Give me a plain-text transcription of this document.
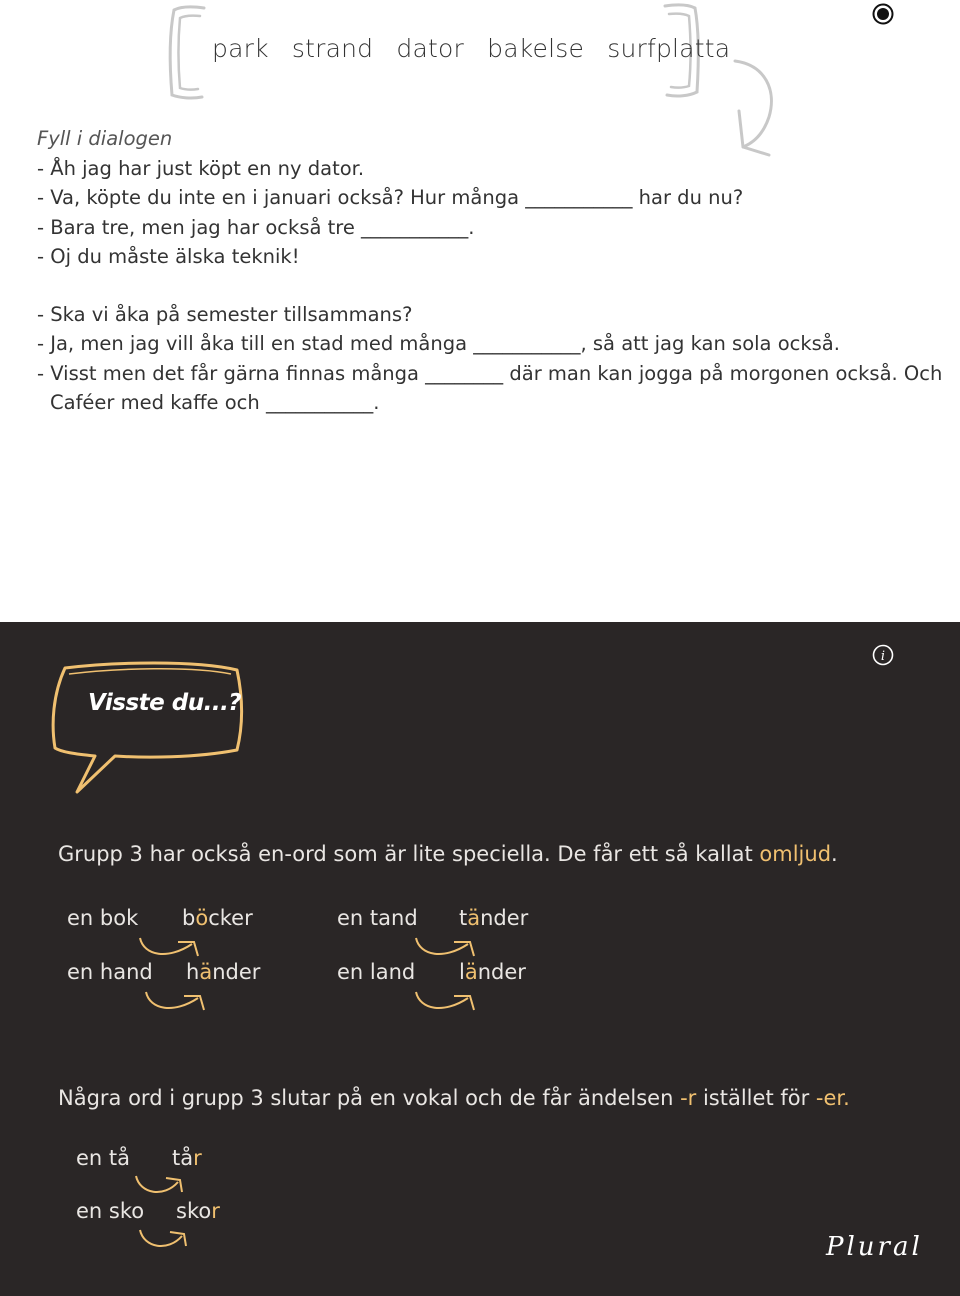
park strand dator bakelse surfplatta
Fyll i dialogen
- Åh jag har just köpt en ny dator.
- Va, köpte du inte en i januari också? Hur många ___________ har du nu?
- Bara tre, men jag har också tre ___________.
- Oj du måste älska teknik!
- Ska vi åka på semester tillsammans?
- Ja, men jag vill åka till en stad med många ___________, så att jag kan sola också.
- Visst men det får gärna finnas många ________ där man kan jogga på morgonen också. Och
Caféer med kaffe och ___________.
i
Visste du...?
Grupp 3 har också en-ord som är lite speciella. De får ett så kallat omljud.
en bok böcker	en tand tänder
en hand händer	en land länder
Några ord i grupp 3 slutar på en vokal och de får ändelsen -r istället för -er.
en tå tår
en sko skor
Plural
